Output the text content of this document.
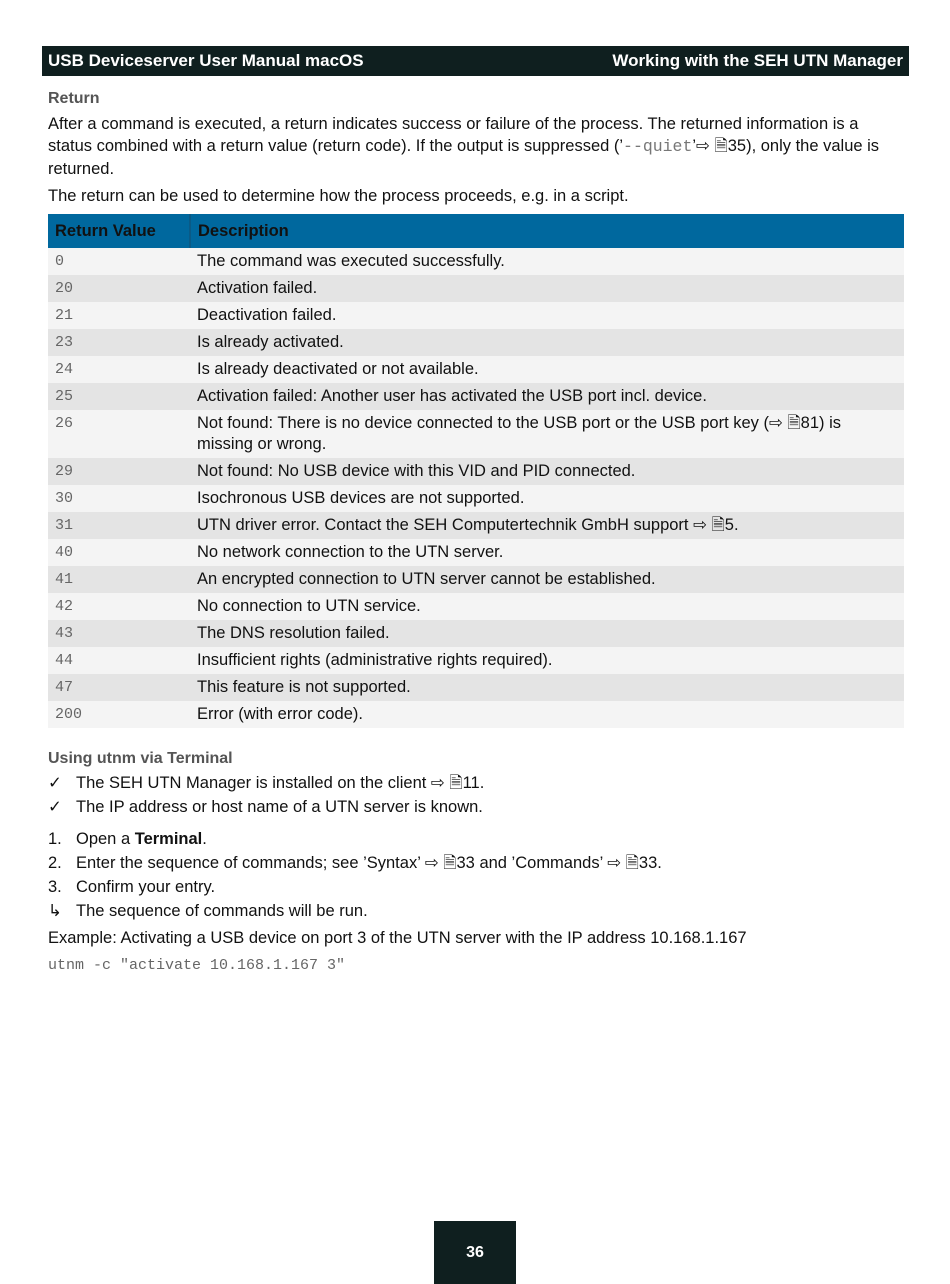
USB Deviceserver User Manual macOS	Working with the SEH UTN Manager
Return

After a command is executed, a return indicates success or failure of the process. The returned information is a status combined with a return value (return code). If the output is suppressed (’--quiet’⇨ 🗎35), only the value is returned.

The return can be used to determine how the process proceeds, e.g. in a script.

Return Value	Description
0	The command was executed successfully.
20	Activation failed.
21	Deactivation failed.
23	Is already activated.
24	Is already deactivated or not available.
25	Activation failed: Another user has activated the USB port incl. device.
26	Not found: There is no device connected to the USB port or the USB port key (⇨ 🗎81) is missing or wrong.
29	Not found: No USB device with this VID and PID connected.
30	Isochronous USB devices are not supported.
31	UTN driver error. Contact the SEH Computertechnik GmbH support ⇨ 🗎5.
40	No network connection to the UTN server.
41	An encrypted connection to UTN server cannot be established.
42	No connection to UTN service.
43	The DNS resolution failed.
44	Insufficient rights (administrative rights required).
47	This feature is not supported.
200	Error (with error code).
Using utnm via Terminal
✓ The SEH UTN Manager is installed on the client ⇨ 🗎11.
✓ The IP address or host name of a UTN server is known.
1. Open a Terminal.
2. Enter the sequence of commands; see ’Syntax’ ⇨ 🗎33 and ’Commands’ ⇨ 🗎33.
3. Confirm your entry.
↳ The sequence of commands will be run.

Example: Activating a USB device on port 3 of the UTN server with the IP address 10.168.1.167

utnm -c "activate 10.168.1.167 3"
36
